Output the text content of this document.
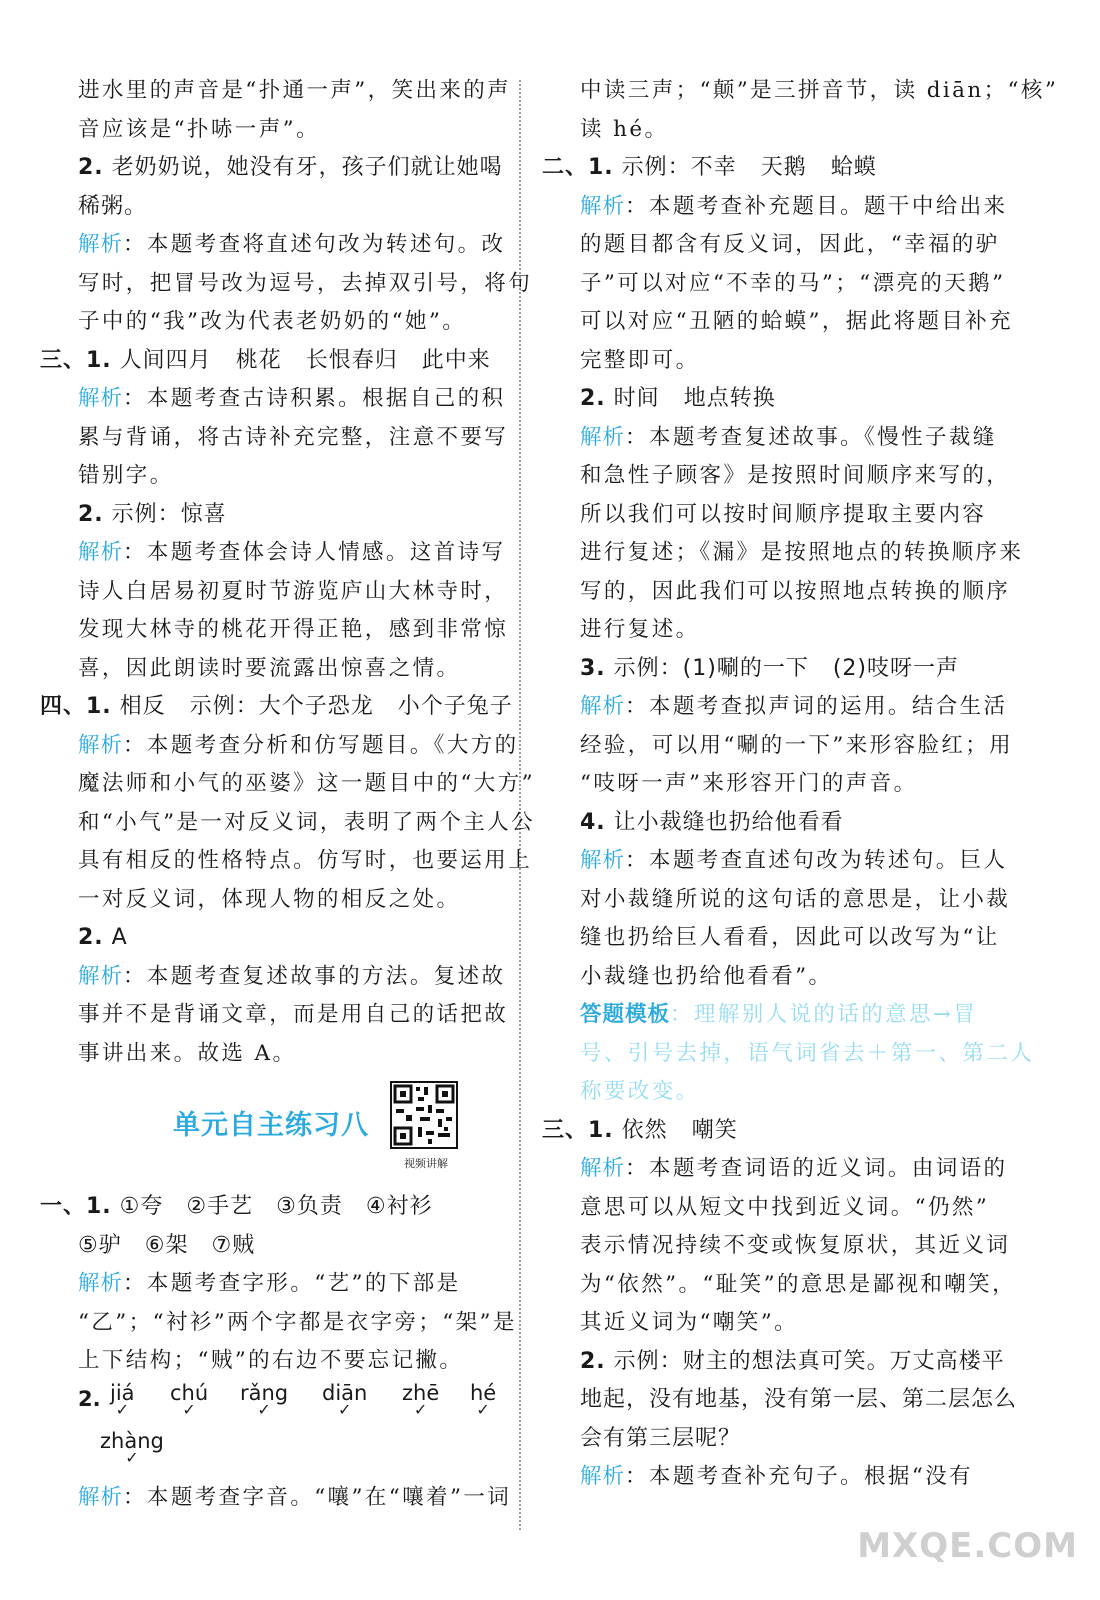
进水里的声音是“扑通一声”，笑出来的声
音应该是“扑哧一声”。
2. 老奶奶说，她没有牙，孩子们就让她喝
稀粥。
解析：本题考查将直述句改为转述句。改
写时，把冒号改为逗号，去掉双引号，将句
子中的“我”改为代表老奶奶的“她”。
三、1. 人间四月 桃花 长恨春归 此中来
解析：本题考查古诗积累。根据自己的积
累与背诵，将古诗补充完整，注意不要写
错别字。
2. 示例：惊喜
解析：本题考查体会诗人情感。这首诗写
诗人白居易初夏时节游览庐山大林寺时，
发现大林寺的桃花开得正艳，感到非常惊
喜，因此朗读时要流露出惊喜之情。
四、1. 相反 示例：大个子恐龙 小个子兔子
解析：本题考查分析和仿写题目。《大方的
魔法师和小气的巫婆》这一题目中的“大方”
和“小气”是一对反义词，表明了两个主人公
具有相反的性格特点。仿写时，也要运用上
一对反义词，体现人物的相反之处。
2. A
解析：本题考查复述故事的方法。复述故
事并不是背诵文章，而是用自己的话把故
事讲出来。故选 A。
单元自主练习八
视频讲解
一、1. ①夸　②手艺　③负责　④衬衫
⑤驴　⑥架　⑦贼
解析：本题考查字形。“艺”的下部是
“乙”；“衬衫”两个字都是衣字旁；“架”是
上下结构；“贼”的右边不要忘记撇。
2. jiá
✓
chú
✓
rǎng
✓
diān
✓
zhē
✓
hé
✓
zhàng
✓
解析：本题考查字音。“嚷”在“嚷着”一词
中读三声；“颠”是三拼音节，读 diān；“核”
读 hé。
二、1. 示例：不幸 天鹅 蛤蟆
解析：本题考查补充题目。题干中给出来
的题目都含有反义词，因此，“幸福的驴
子”可以对应“不幸的马”；“漂亮的天鹅”
可以对应“丑陋的蛤蟆”，据此将题目补充
完整即可。
2. 时间 地点转换
解析：本题考查复述故事。《慢性子裁缝
和急性子顾客》是按照时间顺序来写的，
所以我们可以按时间顺序提取主要内容
进行复述；《漏》是按照地点的转换顺序来
写的，因此我们可以按照地点转换的顺序
进行复述。
3. 示例：(1)唰的一下 (2)吱呀一声
解析：本题考查拟声词的运用。结合生活
经验，可以用“唰的一下”来形容脸红；用
“吱呀一声”来形容开门的声音。
4. 让小裁缝也扔给他看看
解析：本题考查直述句改为转述句。巨人
对小裁缝所说的这句话的意思是，让小裁
缝也扔给巨人看看，因此可以改写为“让
小裁缝也扔给他看看”。
答题模板：理解别人说的话的意思→冒
号、引号去掉，语气词省去＋第一、第二人
称要改变。
三、1. 依然 嘲笑
解析：本题考查词语的近义词。由词语的
意思可以从短文中找到近义词。“仍然”
表示情况持续不变或恢复原状，其近义词
为“依然”。“耻笑”的意思是鄙视和嘲笑，
其近义词为“嘲笑”。
2. 示例：财主的想法真可笑。万丈高楼平
地起，没有地基，没有第一层、第二层怎么
会有第三层呢？
解析：本题考查补充句子。根据“没有
MXQE.COM
